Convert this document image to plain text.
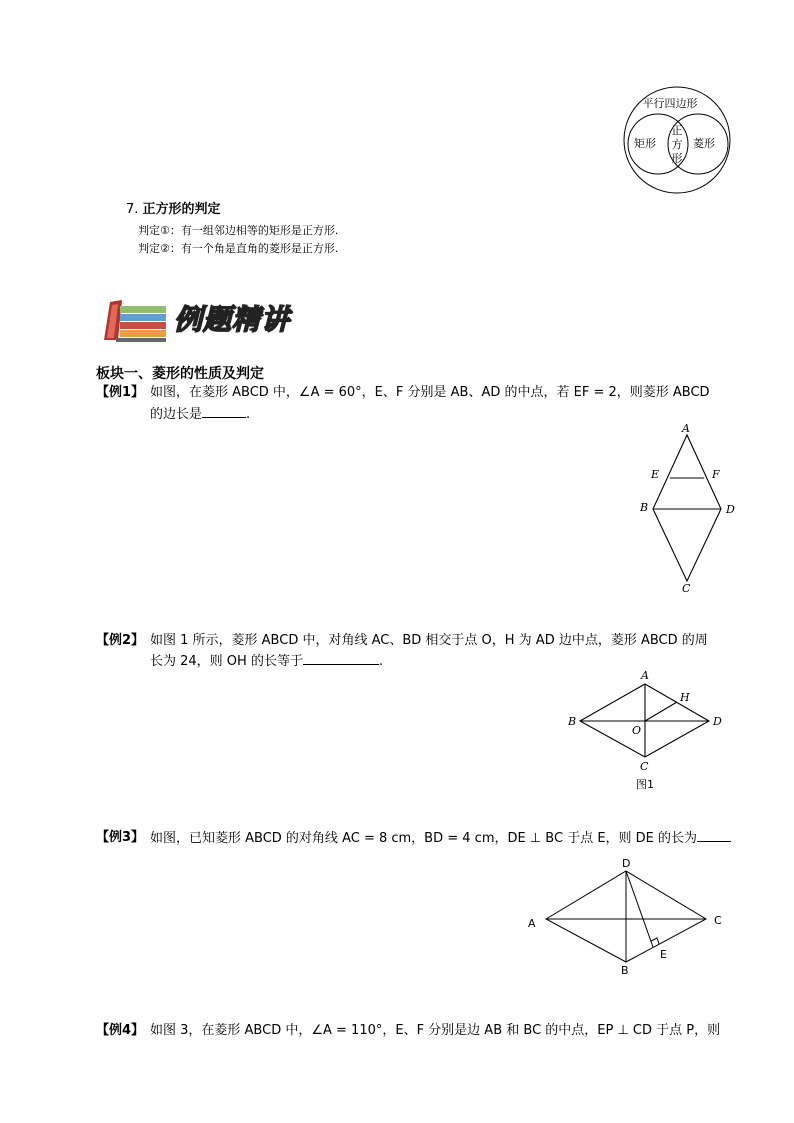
平行四边形
矩形	菱形
正
方
形
7. 正方形的判定
判定①：有一组邻边相等的矩形是正方形.
判定②：有一个角是直角的菱形是正方形.
例题精讲
板块一、菱形的性质及判定
【例1】 如图，在菱形 ABCD 中，∠A = 60°，E、F 分别是 AB、AD 的中点，若 EF = 2，则菱形 ABCD
的边长是	.
A
E	F
B	D
C
【例2】 如图 1 所示，菱形 ABCD 中，对角线 AC、BD 相交于点 O，H 为 AD 边中点，菱形 ABCD 的周
长为 24，则 OH 的长等于	.
A
H
B	D
O
C
图1
【例3】 如图，已知菱形 ABCD 的对角线 AC = 8 cm，BD = 4 cm，DE ⊥ BC 于点 E，则 DE 的长为
D
A	C
E
B
【例4】 如图 3，在菱形 ABCD 中，∠A = 110°，E、F 分别是边 AB 和 BC 的中点，EP ⊥ CD 于点 P，则
